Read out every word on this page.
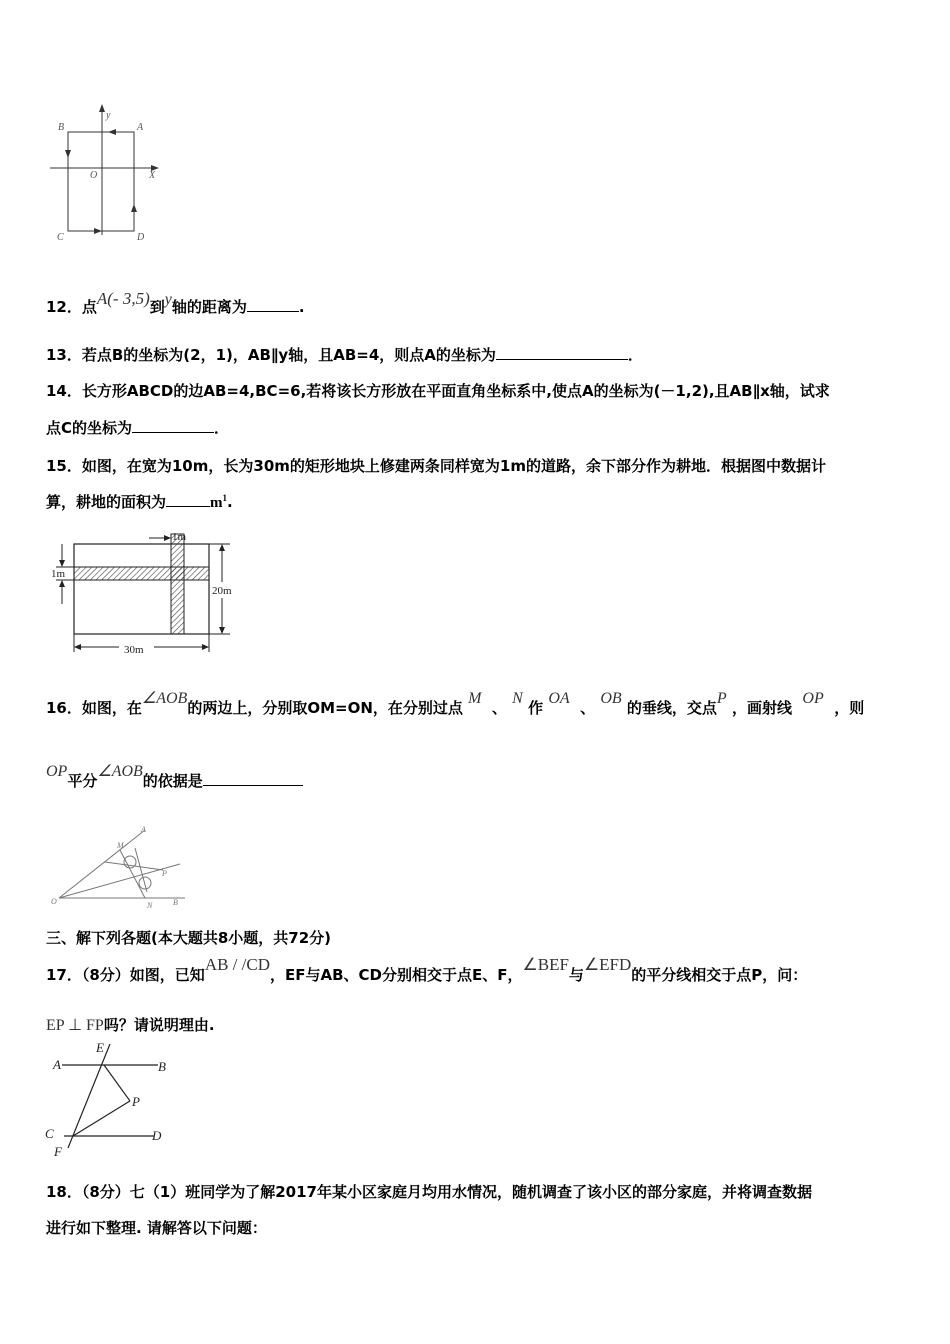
B	A
O	X
C	D
y
12．点A(- 3,5)到y轴的距离为	.
13．若点B的坐标为(2，1)，AB∥y轴，且AB=4，则点A的坐标为	．
14．长方形ABCD的边AB=4,BC=6,若将该长方形放在平面直角坐标系中,使点A的坐标为(－1,2),且AB∥x轴，试求
点C的坐标为	．
15．如图，在宽为10m，长为30m的矩形地块上修建两条同样宽为1m的道路，余下部分作为耕地．根据图中数据计
算，耕地的面积为	$m^1$.
1m
1m
20m
30m
16．如图，在∠AOB的两边上，分别取OM=ON，在分别过点 M  、 N 作 OA  、 OB 的垂线，交点P ，画射线  OP  ，则
OP平分∠AOB的依据是
A
M
P
O	N	B
三、解下列各题(本大题共8小题，共72分)
17．（8分）如图，已知AB / /CD，EF与AB、CD分别相交于点E、F，∠BEF与∠EFD的平分线相交于点P，问：
EP ⊥ FP吗？请说明理由.
A
E
B
P
C
F
D
18．（8分）七（1）班同学为了解2017年某小区家庭月均用水情况，随机调查了该小区的部分家庭，并将调查数据
进行如下整理. 请解答以下问题：
